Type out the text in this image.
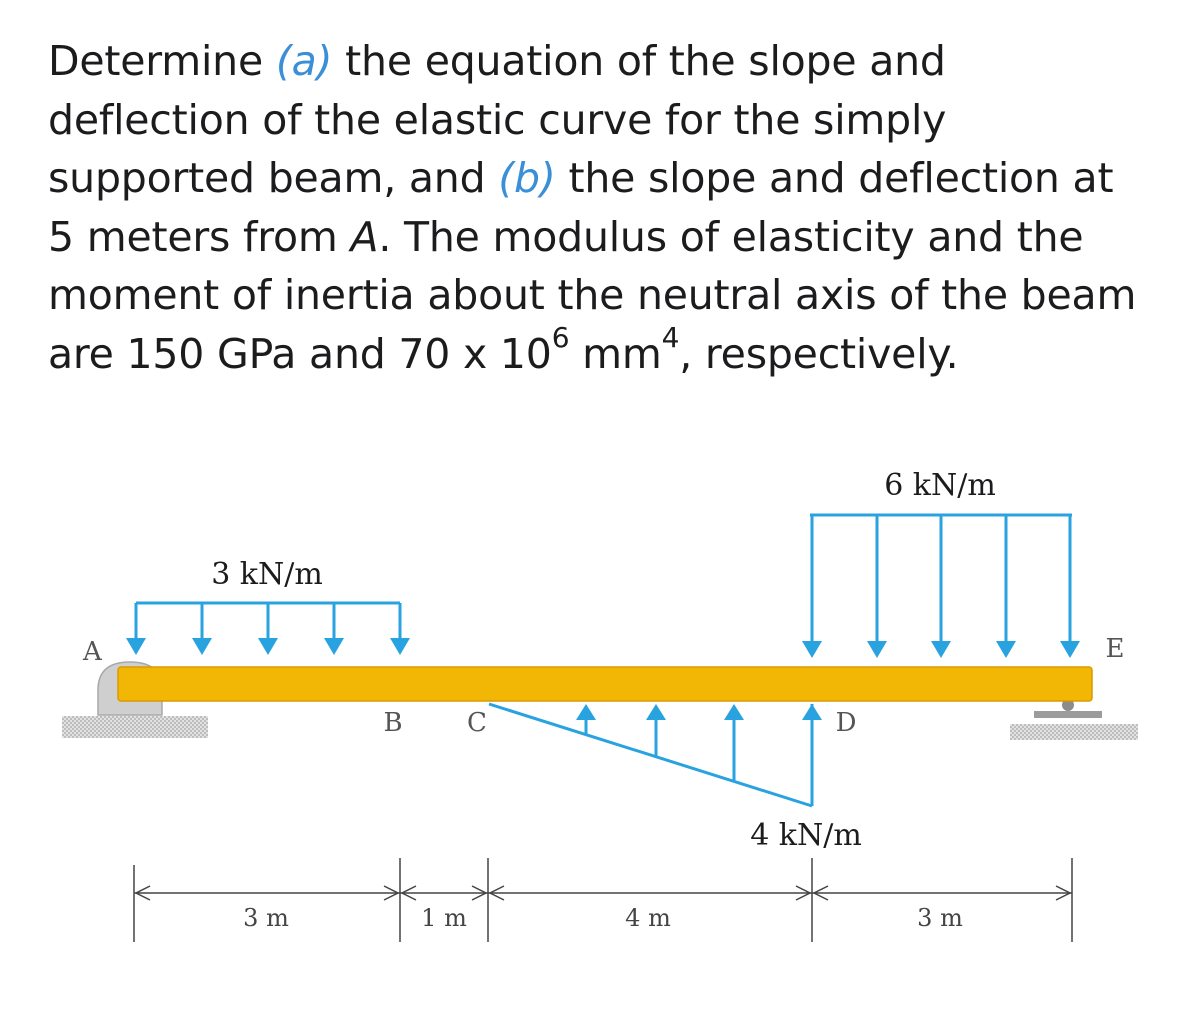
Determine (a) the equation of the slope and
deflection of the elastic curve for the simply
supported beam, and (b) the slope and deflection at
5 meters from A. The modulus of elasticity and the
moment of inertia about the neutral axis of the beam
are 150 GPa and 70 x $10^6$ $mm^4$, respectively.
3 kN/m
6 kN/m
4 kN/m
A
B C	D
E
3 m	1 m	4 m	3 m
